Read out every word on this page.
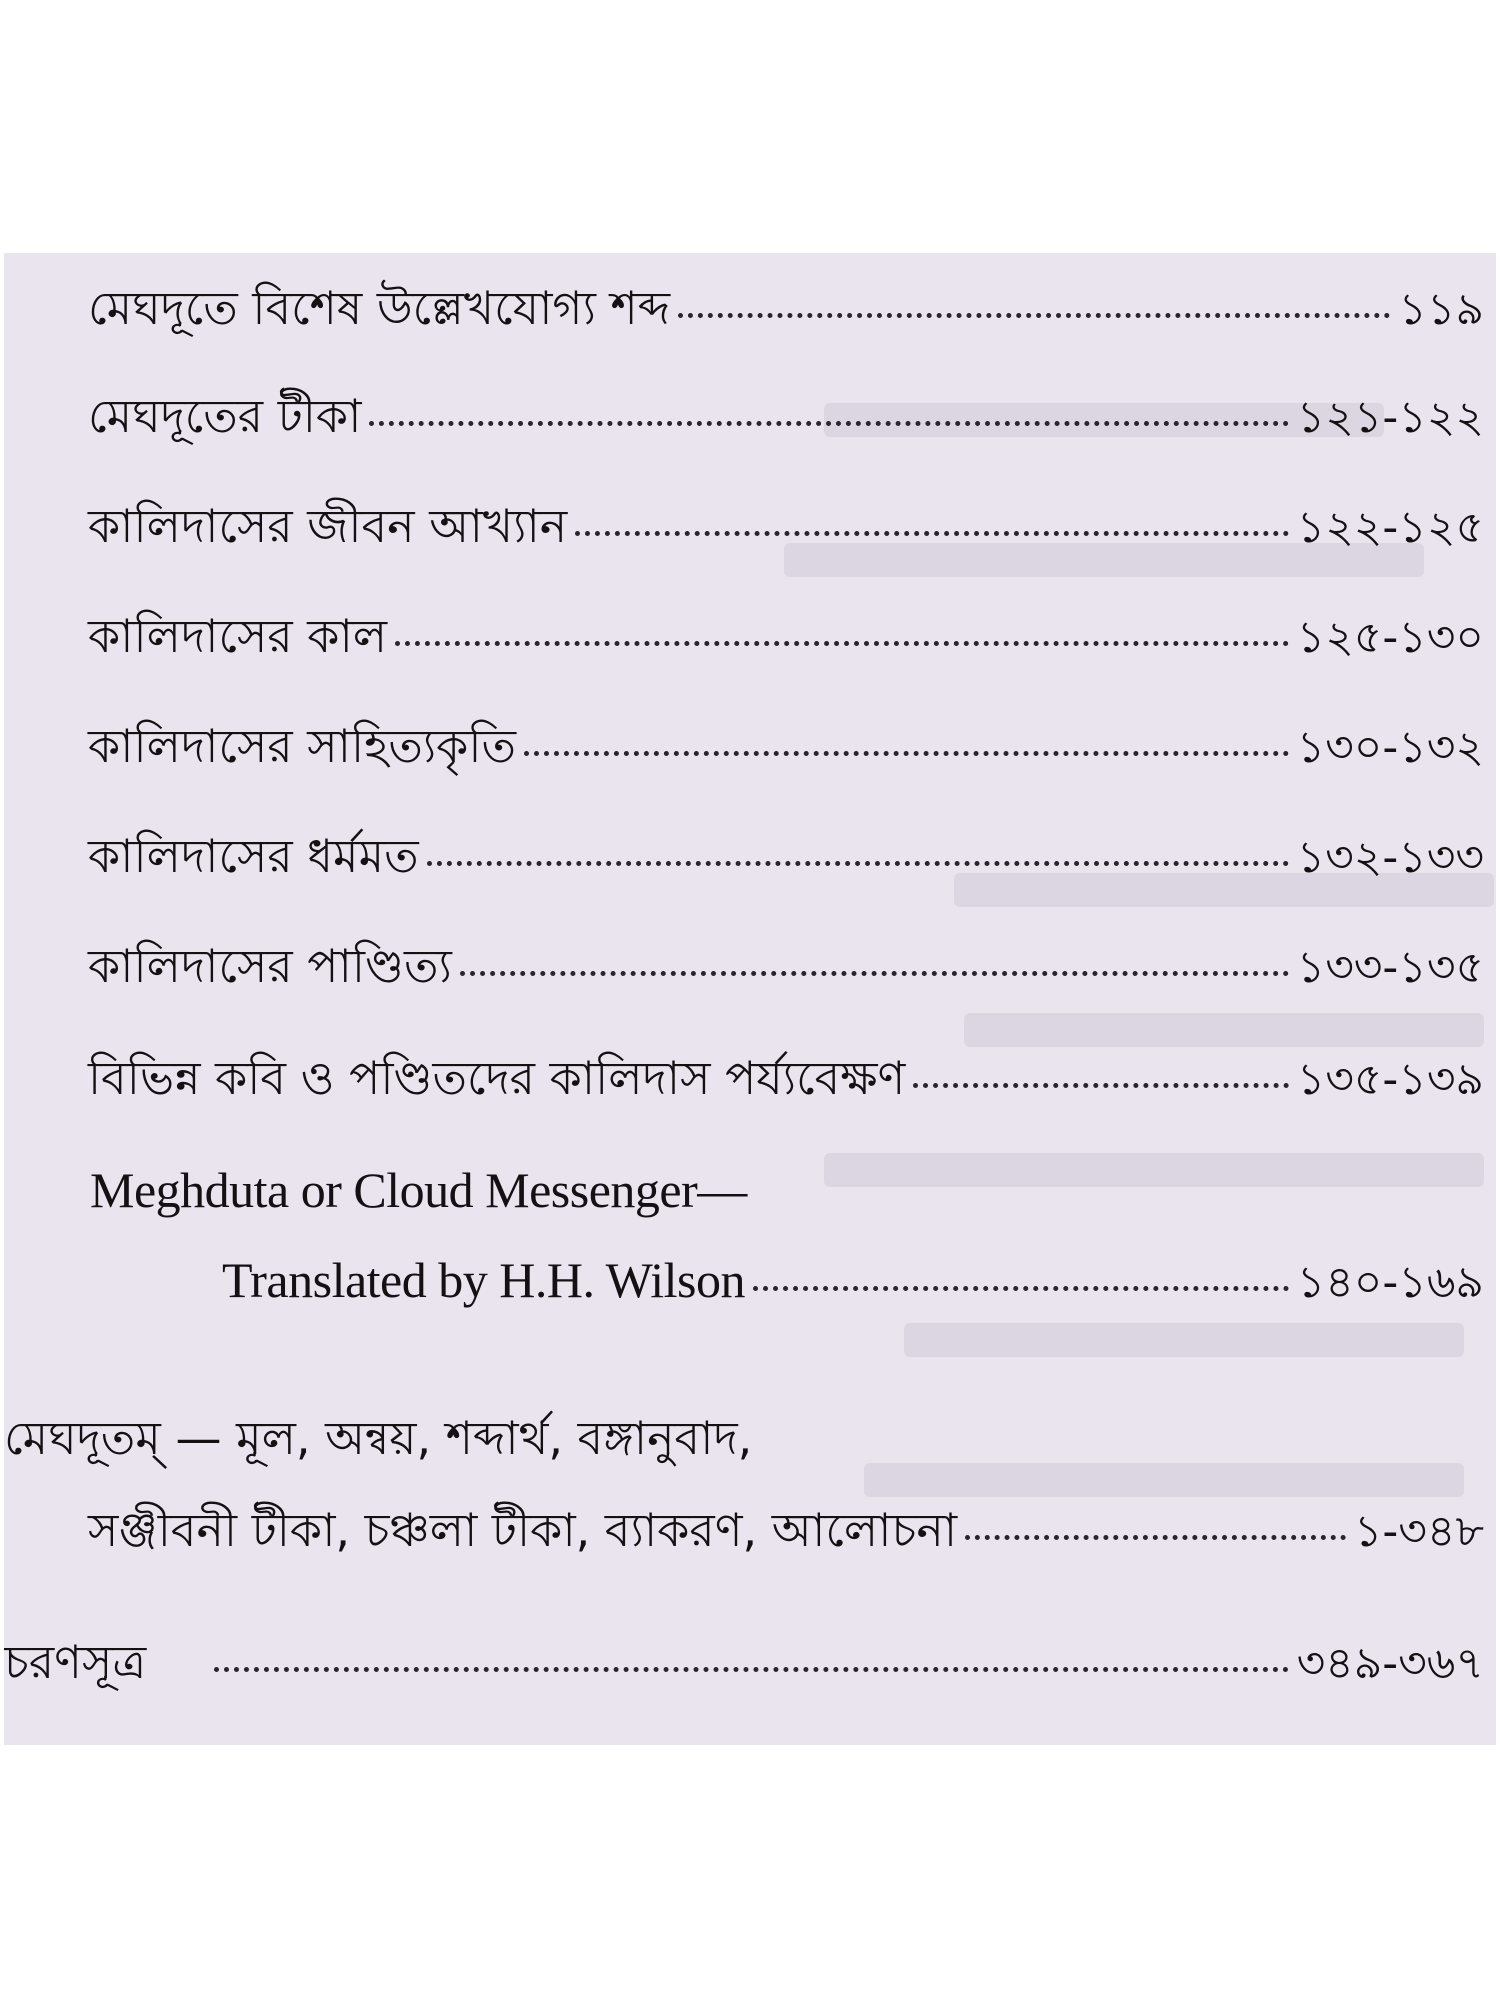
মেঘদূতে বিশেষ উল্লেখযোগ্য শব্দ	১১৯
মেঘদূতের টীকা	১২১-১২২
কালিদাসের জীবন আখ্যান	১২২-১২৫
কালিদাসের কাল	১২৫-১৩০
কালিদাসের সাহিত্যকৃতি	১৩০-১৩২
কালিদাসের ধর্মমত	১৩২-১৩৩
কালিদাসের পাণ্ডিত্য	১৩৩-১৩৫
বিভিন্ন কবি ও পণ্ডিতদের কালিদাস পর্য্যবেক্ষণ	১৩৫-১৩৯
Meghduta or Cloud Messenger—
Translated by H.H. Wilson	১৪০-১৬৯
মেঘদূতম্ — মূল, অন্বয়, শব্দার্থ, বঙ্গানুবাদ,
সঞ্জীবনী টীকা, চঞ্চলা টীকা, ব্যাকরণ, আলোচনা	১-৩৪৮
চরণসূত্র	৩৪৯-৩৬৭
